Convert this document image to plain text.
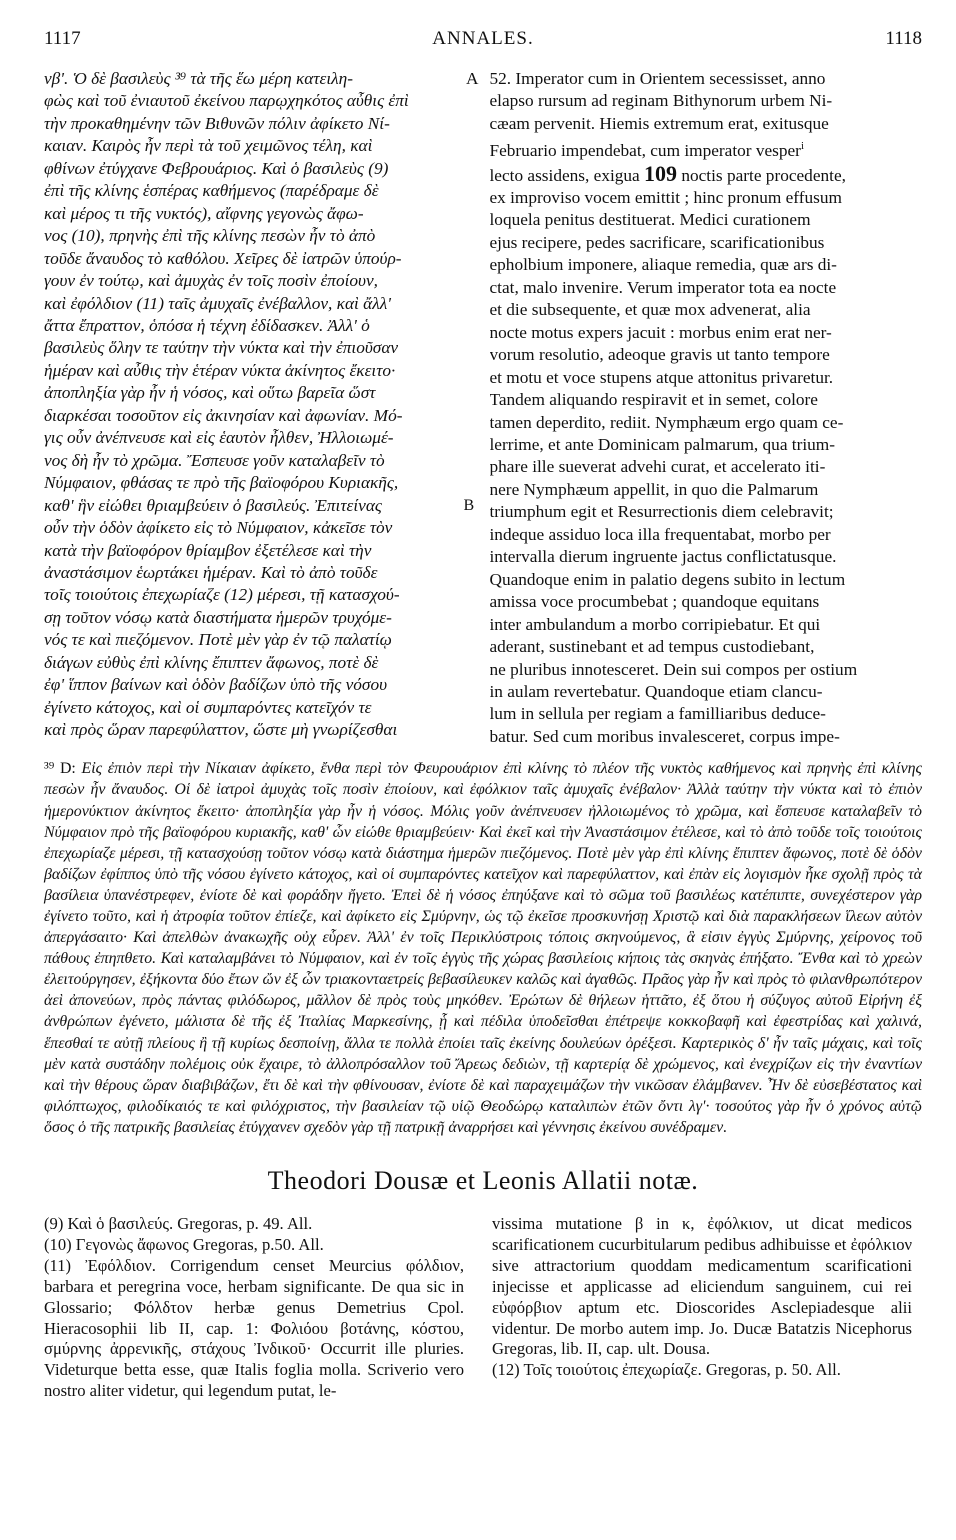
1117	ANNALES.	1118
A
νβ'. Ὁ δὲ βασιλεὺς ³⁹ τὰ τῆς ἕω μέρη κατειλη-
φὼς καὶ τοῦ ἐνιαυτοῦ ἐκείνου παρῳχηκότος αὖθις ἐπὶ
τὴν προκαθημένην τῶν Βιθυνῶν πόλιν ἀφίκετο Νί-
καιαν. Καιρὸς ἦν περὶ τὰ τοῦ χειμῶνος τέλη, καὶ
φθίνων ἐτύγχανε Φεβρουάριος. Καὶ ὁ βασιλεὺς (9)
ἐπὶ τῆς κλίνης ἑσπέρας καθήμενος (παρέδραμε δὲ
καὶ μέρος τι τῆς νυκτός), αἴφνης γεγονὼς ἄφω-
νος (10), πρηνὴς ἐπὶ τῆς κλίνης πεσὼν ἦν τὸ ἀπὸ
τοῦδε ἄναυδος τὸ καθόλου. Χεῖρες δὲ ἰατρῶν ὑπούρ-
γουν ἐν τούτῳ, καὶ ἀμυχὰς ἐν τοῖς ποσὶν ἐποίουν,
καὶ ἐφόλδιον (11) ταῖς ἀμυχαῖς ἐνέβαλλον, καὶ ἄλλ'
ἄττα ἔπραττον, ὁπόσα ἡ τέχνη ἐδίδασκεν. Ἀλλ' ὁ
βασιλεὺς ὅλην τε ταύτην τὴν νύκτα καὶ τὴν ἐπιοῦσαν
ἡμέραν καὶ αὖθις τὴν ἑτέραν νύκτα ἀκίνητος ἔκειτο·
ἀποπληξία γὰρ ἦν ἡ νόσος, καὶ οὕτω βαρεῖα ὥστ
διαρκέσαι τοσοῦτον εἰς ἀκινησίαν καὶ ἀφωνίαν. Μό-
γις οὖν ἀνέπνευσε καὶ εἰς ἑαυτὸν ἦλθεν, Ἠλλοιωμέ-
νος δὴ ἦν τὸ χρῶμα. Ἔσπευσε γοῦν καταλαβεῖν τὸ
Νύμφαιον, φθάσας τε πρὸ τῆς βαϊοφόρου Κυριακῆς,
καθ' ἣν εἰώθει θριαμβεύειν ὁ βασιλεύς. Ἐπιτείνας
οὖν τὴν ὁδὸν ἀφίκετο εἰς τὸ Νύμφαιον, κἀκεῖσε τὸν
κατὰ τὴν βαϊοφόρον θρίαμβον ἐξετέλεσε καὶ τὴν
ἀναστάσιμον ἑωρτάκει ἡμέραν. Καὶ τὸ ἀπὸ τοῦδε
τοῖς τοιούτοις ἐπεχωρίαζε (12) μέρεσι, τῇ κατασχού-
σῃ τοῦτον νόσῳ κατὰ διαστήματα ἡμερῶν τρυχόμε-
νός τε καὶ πιεζόμενον. Ποτὲ μὲν γὰρ ἐν τῷ παλατίῳ
διάγων εὐθὺς ἐπὶ κλίνης ἔπιπτεν ἄφωνος, ποτὲ δὲ
ἐφ' ἵππον βαίνων καὶ ὁδὸν βαδίζων ὑπὸ τῆς νόσου
ἐγίνετο κάτοχος, καὶ οἱ συμπαρόντες κατεῖχόν τε
καὶ πρὸς ὥραν παρεφύλαττον, ὥστε μὴ γνωρίζεσθαι
B
52. Imperator cum in Orientem secessisset, anno
elapso rursum ad reginam Bithynorum urbem Ni-
cæam pervenit. Hiemis extremum erat, exitusque
Februario impendebat, cum imperator vesper$^i$
lecto assidens, exigua 109 noctis parte procedente,
ex improviso vocem emittit ; hinc pronum effusum
loquela penitus destituerat. Medici curationem
ejus recipere, pedes sacrificare, scarificationibus
epholbium imponere, aliaque remedia, quæ ars di-
ctat, malo invenire. Verum imperator tota ea nocte
et die subsequente, et quæ mox advenerat, alia
nocte motus expers jacuit : morbus enim erat ner-
vorum resolutio, adeoque gravis ut tanto tempore
et motu et voce stupens atque attonitus privaretur.
Tandem aliquando respiravit et in semet, colore
tamen deperdito, rediit. Nymphæum ergo quam ce-
lerrime, et ante Dominicam palmarum, qua trium-
phare ille sueverat adveh​i curat, et accelerato iti-
nere Nymphæum appellit, in quo die Palmarum
triumphum egit et Resurrectionis diem celebravit;
indeque assiduo loca illa frequentabat, morbo per
intervalla dierum ingruente jactus conflictatusque.
Quandoque enim in palatio degens subito in lectum
amissa voce procumbebat ; quandoque equitans
inter ambulandum a morbo corripiebatur. Et qui
aderant, sustinebant et ad tempus custodiebant,
ne pluribus innotesceret. Dein sui compos per ostium
in aulam revertebatur. Quandoque etiam clancu-
lum in sellula per regiam a familliaribus deduce-
batur. Sed cum moribus invalesceret, corpus impe-
³⁹ D: Εἰς ἐπιὸν περὶ τὴν Νίκαιαν ἀφίκετο, ἔνθα περὶ τὸν Φευρουάριον ἐπὶ κλίνης τὸ πλέον τῆς νυκτὸς καθήμενος καὶ πρηνὴς ἐπὶ κλίνης πεσὼν ἦν ἄναυδος. Οἱ δὲ ἰατροὶ ἀμυχὰς τοῖς ποσὶν ἐποίουν, καὶ ἐφόλκιον ταῖς ἀμυχαῖς ἐνέβαλον· Ἀλλὰ ταύτην τὴν νύκτα καὶ τὸ ἐπιὸν ἡμερονύκτιον ἀκίνητος ἔκειτο· ἀποπληξία γὰρ ἦν ἡ νόσος. Μόλις γοῦν ἀνέπνευσεν ἠλλοιωμένος τὸ χρῶμα, καὶ ἔσπευσε καταλαβεῖν τὸ Νύμφαιον πρὸ τῆς βαϊοφόρου κυριακῆς, καθ' ὧν εἰώθε θριαμβεύειν· Καὶ ἐκεῖ καὶ τὴν Ἀναστάσιμον ἐτέλεσε, καὶ τὸ ἀπὸ τοῦδε τοῖς τοιούτοις ἐπεχωρίαζε μέρεσι, τῇ κατασχούσῃ τοῦτον νόσῳ κατὰ διάστημα ἡμερῶν πιεζόμενος. Ποτὲ μὲν γὰρ ἐπὶ κλίνης ἔπιπτεν ἄφωνος, ποτὲ δὲ ὁδὸν βαδίζων ἐφίππος ὑπὸ τῆς νόσου ἐγίνετο κάτοχος, καὶ οἱ συμπαρόντες κατεῖχον καὶ παρεφύλαττον, καὶ ἐπὰν εἰς λογισμὸν ἧκε σχολῇ πρὸς τὰ βασίλεια ὑπανέστρεφεν, ἐνίοτε δὲ καὶ φοράδην ἤγετο. Ἐπεὶ δὲ ἡ νόσος ἐπηύξανε καὶ τὸ σῶμα τοῦ βασιλέως κατέπιπτε, συνεχέστερον γὰρ ἐγίνετο τοῦτο, καὶ ἡ ἀτροφία τοῦτον ἐπίεζε, καὶ ἀφίκετο εἰς Σμύρνην, ὡς τῷ ἐκεῖσε προσκυνήσῃ Χριστῷ καὶ διὰ παρακλήσεων ἵλεων αὐτὸν ἀπεργάσαιτο· Καὶ ἀπελθὼν ἀνακωχῆς οὐχ εὗρεν. Ἀλλ' ἐν τοῖς Περικλύστροις τόποις σκηνούμενος, ἃ εἰσιν ἐγγὺς Σμύρνης, χείρονος τοῦ πάθους ἐπηπθετο. Καὶ καταλαμβάνει τὸ Νύμφαιον, καὶ ἐν τοῖς ἐγγὺς τῆς χώρας βασιλείοις κήποις τὰς σκηνὰς ἐπήξατο. Ἔνθα καὶ τὸ χρεὼν ἐλειτούργησεν, ἐξήκοντα δύο ἔτων ὤν ἐξ ὧν τριακονταετρείς βεβασίλευκεν καλῶς καὶ ἀγαθῶς. Πρᾶος γὰρ ἦν καὶ πρὸς τὸ φιλανθρωπότερον ἀεὶ ἀπονεύων, πρὸς πάντας φιλόδωρος, μᾶλλον δὲ πρὸς τοὺς μηκόθεν. Ἐρώτων δὲ θήλεων ἡττᾶτο, ἐξ ὅτου ἡ σύζυγος αὐτοῦ Εἰρήνη ἐξ ἀνθρώπων ἐγένετο, μάλιστα δὲ τῆς ἐξ Ἰταλίας Μαρκεσίνης, ᾗ καὶ πέδιλα ὑποδεῖσθαι ἐπέτρεψε κοκκοβαφῆ καὶ ἐφεστρίδας καὶ χαλινά, ἕπεσθαί τε αὐτῇ πλείους ἢ τῇ κυρίως δεσποίνῃ, ἄλλα τε πολλὰ ἐποίει ταῖς ἐκείνης δουλεύων ὀρέξεσι. Καρτερικὸς δ' ἦν ταῖς μάχαις, καὶ τοῖς μὲν κατὰ συστάδην πολέμοις οὐκ ἔχαιρε, τὸ ἀλλοπρόσαλλον τοῦ Ἄρεως δεδιὼν, τῇ καρτερίᾳ δὲ χρώμενος, καὶ ἐνεχρίζων εἰς τὴν ἐναντίων καὶ τὴν θέρους ὥραν διαβιβάζων, ἔτι δὲ καὶ τὴν φθίνουσαν, ἐνίοτε δὲ καὶ παραχειμάζων τὴν νικῶσαν ἐλάμβανεν. Ἦν δὲ εὐσεβέστατος καὶ φιλόπτωχος, φιλοδίκαιός τε καὶ φιλόχριστος, τὴν βασιλείαν τῷ υἱῷ Θεοδώρῳ καταλιπὼν ἐτῶν ὄντι λγ'· τοσούτος γὰρ ἦν ὁ χρόνος αὐτῷ ὅσος ὁ τῆς πατρικῆς βασιλείας ἐτύγχανεν σχεδὸν γὰρ τῇ πατρικῇ ἀναρρήσει καὶ γέννησις ἐκείνου συνέδραμεν.
Theodori Dousæ et Leonis Allatii notæ.
(9) Καὶ ὁ βασιλεύς. Gregoras, p. 49. All.
(10) Γεγονὼς ἄφωνος Gregoras, p.50. All.
(11) Ἐφόλδιον. Corrigendum censet Meurcius φόλδιον, barbara et peregrina voce, herbam significante. De qua sic in Glossario; Φόλδτον herbæ genus Demetrius Cpol. Hieracosophii lib II, cap. 1: Φολιόου βοτάνης, κόστου, σμύρνης ἀρρενικῆς, στάχους Ἰνδικοῦ· Occurrit ille pluries. Videturque betta esse, quæ Italis foglia molla. Scriverio vero nostro aliter videtur, qui legendum putat, le-
vissima mutatione β in κ, ἐφόλκιον, ut dicat medicos scarificationem cucurbitularum pedibus adhibuisse et ἐφόλκιον sive attractorium quoddam medicamentum scarificationi injecisse et applicasse ad eliciendum sanguinem, cui rei εὐφόρβιον aptum etc. Dioscorides Asclepiadesque alii videntur. De morbo autem imp. Jo. Ducæ Batatzis Nicephorus Gregoras, lib. II, cap. ult. Dousa.
(12) Τοῖς τοιούτοις ἐπεχωρίαζε. Gregoras, p. 50. All.
